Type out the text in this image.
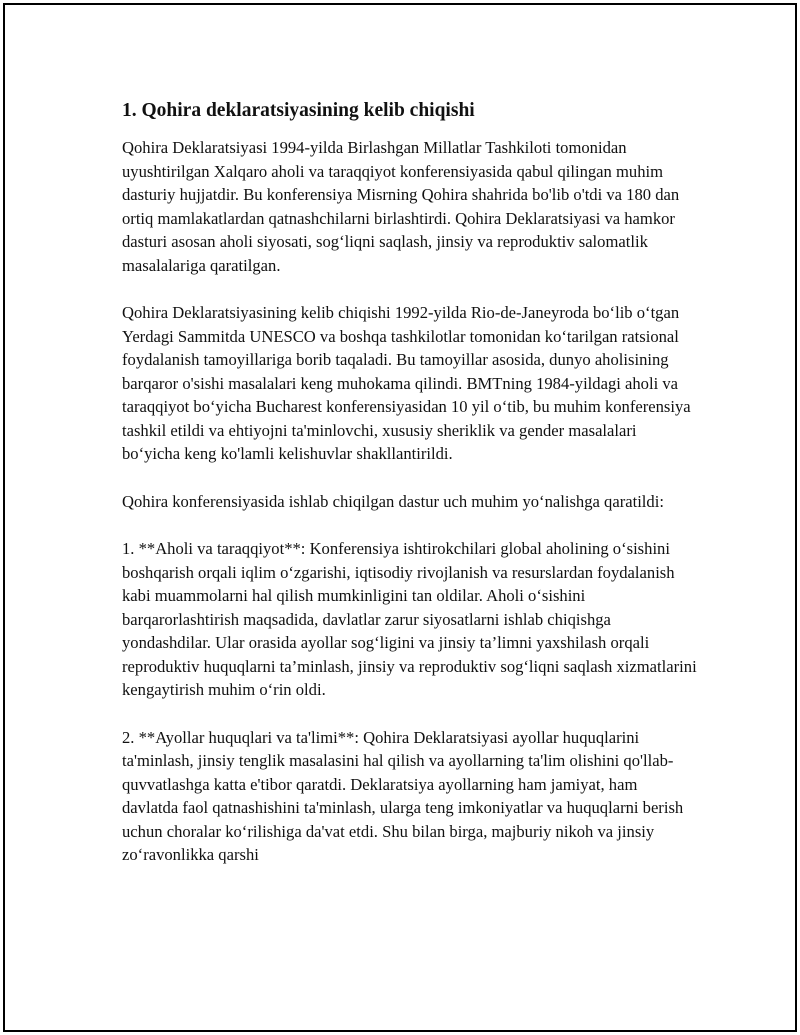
1. Qohira deklaratsiyasining kelib chiqishi

Qohira Deklaratsiyasi 1994-yilda Birlashgan Millatlar Tashkiloti tomonidan uyushtirilgan Xalqaro aholi va taraqqiyot konferensiyasida qabul qilingan muhim dasturiy hujjatdir. Bu konferensiya Misrning Qohira shahrida bo'lib o'tdi va 180 dan ortiq mamlakatlardan qatnashchilarni birlashtirdi. Qohira Deklaratsiyasi va hamkor dasturi asosan aholi siyosati, sog‘liqni saqlash, jinsiy va reproduktiv salomatlik masalalariga qaratilgan.

Qohira Deklaratsiyasining kelib chiqishi 1992-yilda Rio-de-Janeyroda bo‘lib o‘tgan Yerdagi Sammitda UNESCO va boshqa tashkilotlar tomonidan ko‘tarilgan ratsional foydalanish tamoyillariga borib taqaladi. Bu tamoyillar asosida, dunyo aholisining barqaror o'sishi masalalari keng muhokama qilindi. BMTning 1984-yildagi aholi va taraqqiyot bo‘yicha Bucharest konferensiyasidan 10 yil o‘tib, bu muhim konferensiya tashkil etildi va ehtiyojni ta'minlovchi, xususiy sheriklik va gender masalalari bo‘yicha keng ko'lamli kelishuvlar shakllantirildi.

Qohira konferensiyasida ishlab chiqilgan dastur uch muhim yo‘nalishga qaratildi:

1. **Aholi va taraqqiyot**: Konferensiya ishtirokchilari global aholining o‘sishini boshqarish orqali iqlim o‘zgarishi, iqtisodiy rivojlanish va resurslardan foydalanish kabi muammolarni hal qilish mumkinligini tan oldilar. Aholi o‘sishini barqarorlashtirish maqsadida, davlatlar zarur siyosatlarni ishlab chiqishga yondashdilar. Ular orasida ayollar sog‘ligini va jinsiy ta’limni yaxshilash orqali reproduktiv huquqlarni ta’minlash, jinsiy va reproduktiv sog‘liqni saqlash xizmatlarini kengaytirish muhim o‘rin oldi.

2. **Ayollar huquqlari va ta'limi**: Qohira Deklaratsiyasi ayollar huquqlarini ta'minlash, jinsiy tenglik masalasini hal qilish va ayollarning ta'lim olishini qo'llab-quvvatlashga katta e'tibor qaratdi. Deklaratsiya ayollarning ham jamiyat, ham davlatda faol qatnashishini ta'minlash, ularga teng imkoniyatlar va huquqlarni berish uchun choralar ko‘rilishiga da'vat etdi. Shu bilan birga, majburiy nikoh va jinsiy zo‘ravonlikka qarshi
